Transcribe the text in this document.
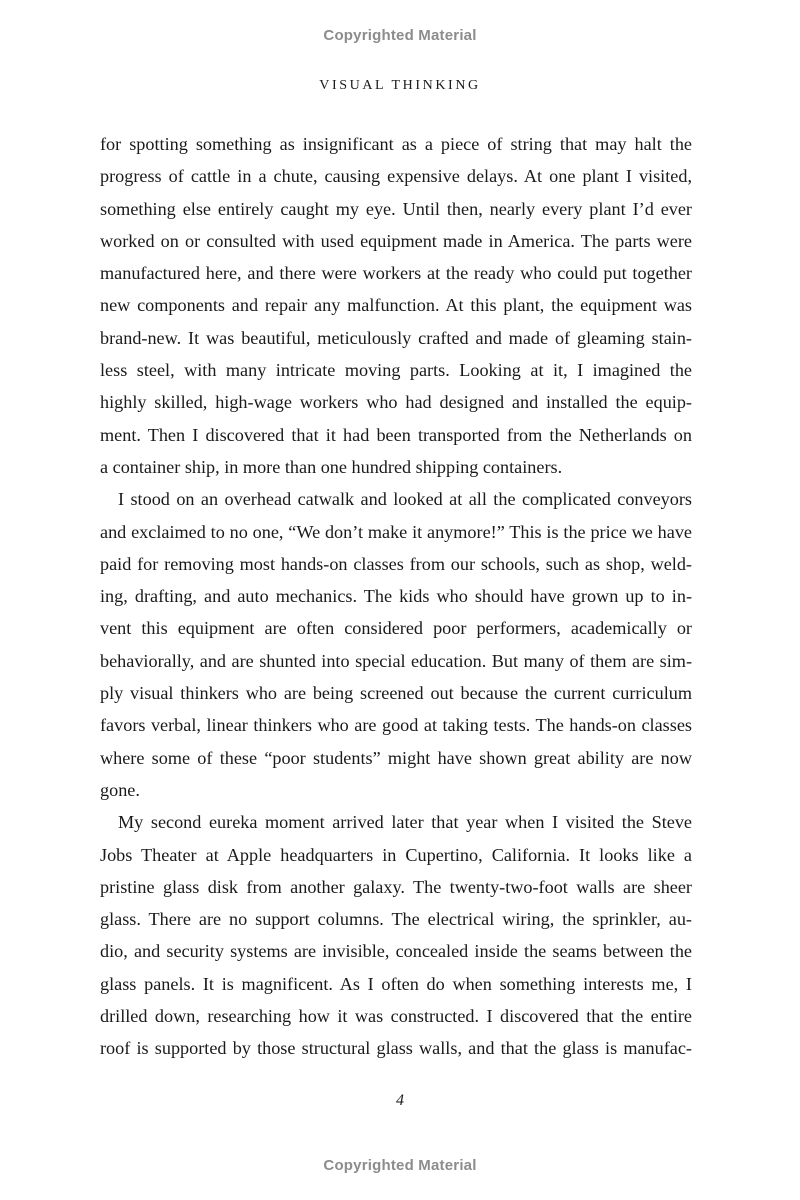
Copyrighted Material
VISUAL THINKING
for spotting something as insignificant as a piece of string that may halt the
progress of cattle in a chute, causing expensive delays. At one plant I visited,
something else entirely caught my eye. Until then, nearly every plant I’d ever
worked on or consulted with used equipment made in America. The parts were
manufactured here, and there were workers at the ready who could put together
new components and repair any malfunction. At this plant, the equipment was
brand-new. It was beautiful, meticulously crafted and made of gleaming stain-
less steel, with many intricate moving parts. Looking at it, I imagined the
highly skilled, high-wage workers who had designed and installed the equip-
ment. Then I discovered that it had been transported from the Netherlands on
a container ship, in more than one hundred shipping containers.
I stood on an overhead catwalk and looked at all the complicated conveyors
and exclaimed to no one, “We don’t make it anymore!” This is the price we have
paid for removing most hands-on classes from our schools, such as shop, weld-
ing, drafting, and auto mechanics. The kids who should have grown up to in-
vent this equipment are often considered poor performers, academically or
behaviorally, and are shunted into special education. But many of them are sim-
ply visual thinkers who are being screened out because the current curriculum
favors verbal, linear thinkers who are good at taking tests. The hands-on classes
where some of these “poor students” might have shown great ability are now
gone.
My second eureka moment arrived later that year when I visited the Steve
Jobs Theater at Apple headquarters in Cupertino, California. It looks like a
pristine glass disk from another galaxy. The twenty-two-foot walls are sheer
glass. There are no support columns. The electrical wiring, the sprinkler, au-
dio, and security systems are invisible, concealed inside the seams between the
glass panels. It is magnificent. As I often do when something interests me, I
drilled down, researching how it was constructed. I discovered that the entire
roof is supported by those structural glass walls, and that the glass is manufac-
4
Copyrighted Material
